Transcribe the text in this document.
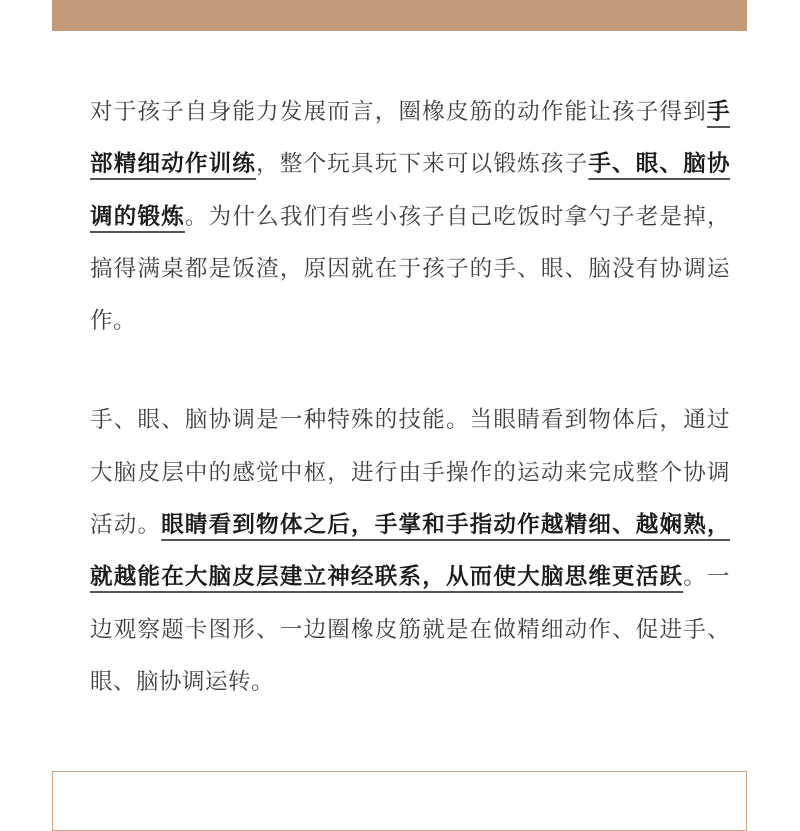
对于孩子自身能力发展而言，圈橡皮筋的动作能让孩子得到手部精细动作训练，整个玩具玩下来可以锻炼孩子手、眼、脑协调的锻炼。为什么我们有些小孩子自己吃饭时拿勺子老是掉，搞得满桌都是饭渣，原因就在于孩子的手、眼、脑没有协调运作。

手、眼、脑协调是一种特殊的技能。当眼睛看到物体后，通过大脑皮层中的感觉中枢，进行由手操作的运动来完成整个协调活动。眼睛看到物体之后，手掌和手指动作越精细、越娴熟，就越能在大脑皮层建立神经联系，从而使大脑思维更活跃。一边观察题卡图形、一边圈橡皮筋就是在做精细动作、促进手、眼、脑协调运转。
